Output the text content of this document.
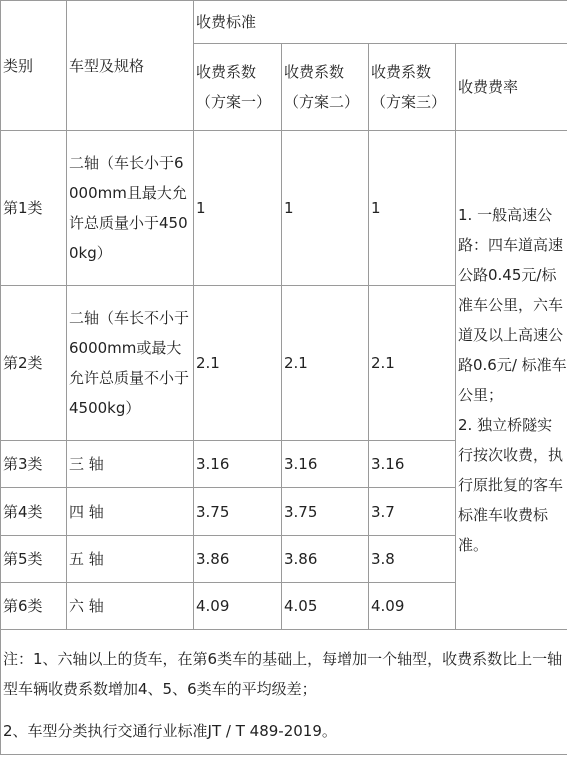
类别	车型及规格	收费标准			
		收费系数（方案一）	收费系数（方案二）	收费系数（方案三）	收费费率
第1类	二轴（车长小于6000mm且最大允许总质量小于4500kg）	1	1	1	1. 一般高速公路：四车道高速公路0.45元/标准车公里，六车道及以上高速公路0.6元/ 标准车公里；
2. 独立桥隧实行按次收费，执行原批复的客车标准车收费标准。

第2类	二轴（车长不小于6000mm或最大允许总质量不小于4500kg）	2.1	2.1	2.1	
第3类	三 轴	3.16	3.16	3.16	
第4类	四 轴	3.75	3.75	3.7	
第5类	五 轴	3.86	3.86	3.8	
第6类	六 轴	4.09	4.05	4.09	

注：1、六轴以上的货车，在第6类车的基础上，每增加一个轴型，收费系数比上一轴型车辆收费系数增加4、5、6类车的平均级差；
2、车型分类执行交通行业标准JT / T 489-2019。					
